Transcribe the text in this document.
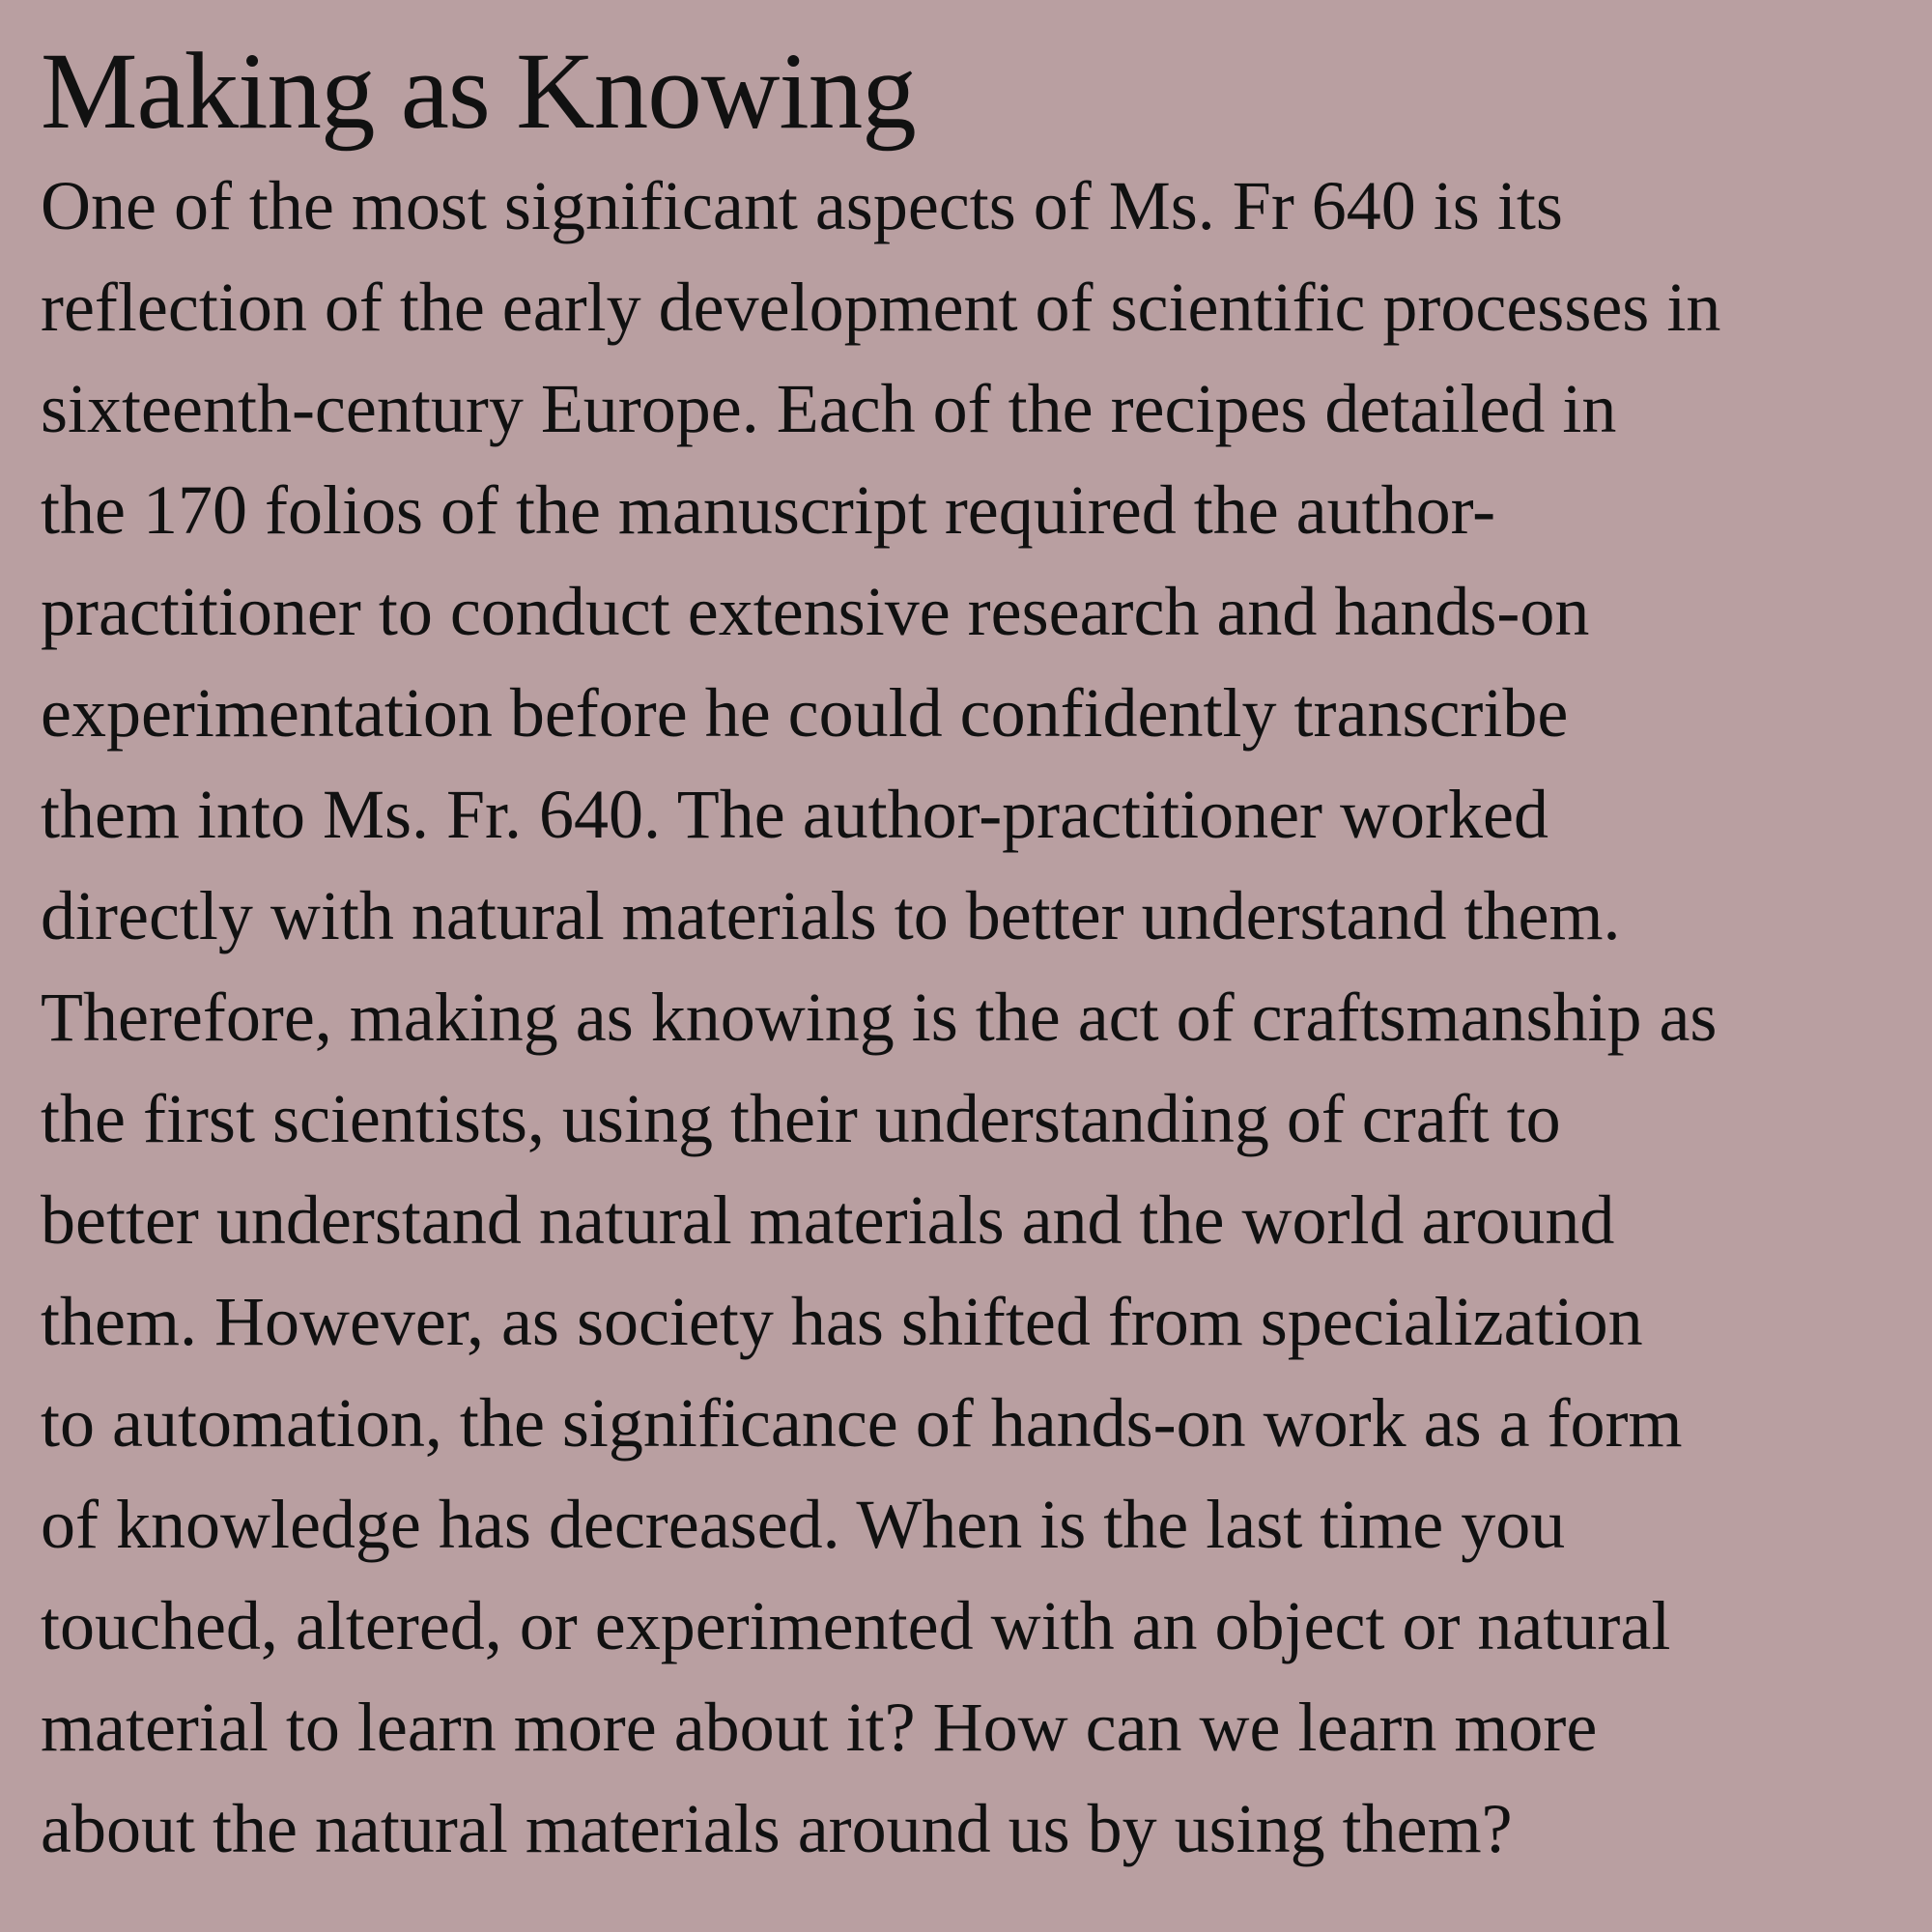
Making as Knowing

One of the most significant aspects of Ms. Fr 640 is its
reflection of the early development of scientific processes in
sixteenth-century Europe. Each of the recipes detailed in
the 170 folios of the manuscript required the author-
practitioner to conduct extensive research and hands-on
experimentation before he could confidently transcribe
them into Ms. Fr. 640. The author-practitioner worked
directly with natural materials to better understand them.
Therefore, making as knowing is the act of craftsmanship as
the first scientists, using their understanding of craft to
better understand natural materials and the world around
them. However, as society has shifted from specialization
to automation, the significance of hands-on work as a form
of knowledge has decreased. When is the last time you
touched, altered, or experimented with an object or natural
material to learn more about it? How can we learn more
about the natural materials around us by using them?
